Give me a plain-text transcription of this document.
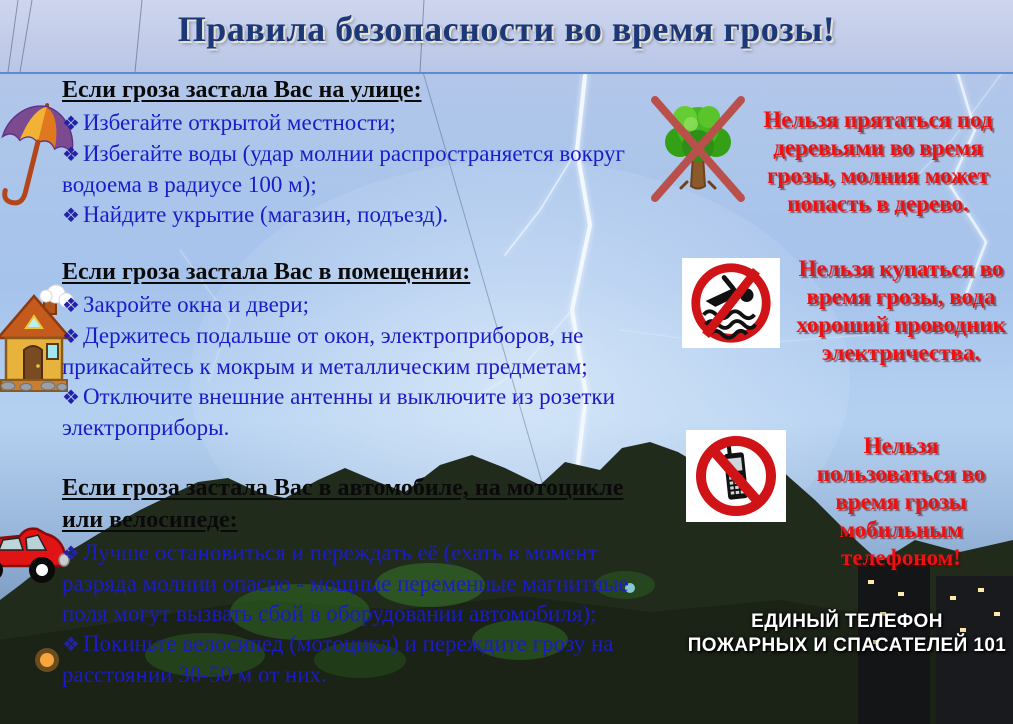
Правила безопасности во время грозы!
Если гроза застала Вас на улице:
❖ Избегайте открытой местности;
❖ Избегайте воды (удар молнии распространяется вокруг водоема в радиусе 100 м);
❖ Найдите укрытие (магазин, подъезд).
Если гроза застала Вас в помещении:
❖ Закройте окна и двери;
❖ Держитесь подальше от окон, электроприборов, не прикасайтесь к мокрым и металлическим предметам;
❖ Отключите внешние антенны и выключите из розетки электроприборы.
Если гроза застала Вас в автомобиле, на мотоцикле или велосипеде:
❖ Лучше остановиться и переждать её (ехать в момент разряда молнии опасно - мощные переменные магнитные поля могут вызвать сбой в оборудовании автомобиля);
❖ Покиньте велосипед (мотоцикл) и переждите грозу на расстоянии 30-50 м от них.
Нельзя прятаться под деревьями во время грозы, молния может попасть в дерево.
Нельзя купаться во время грозы, вода хороший проводник электричества.
Нельзя пользоваться во время грозы мобильным телефоном!
ЕДИНЫЙ ТЕЛЕФОН
ПОЖАРНЫХ И СПАСАТЕЛЕЙ 101
